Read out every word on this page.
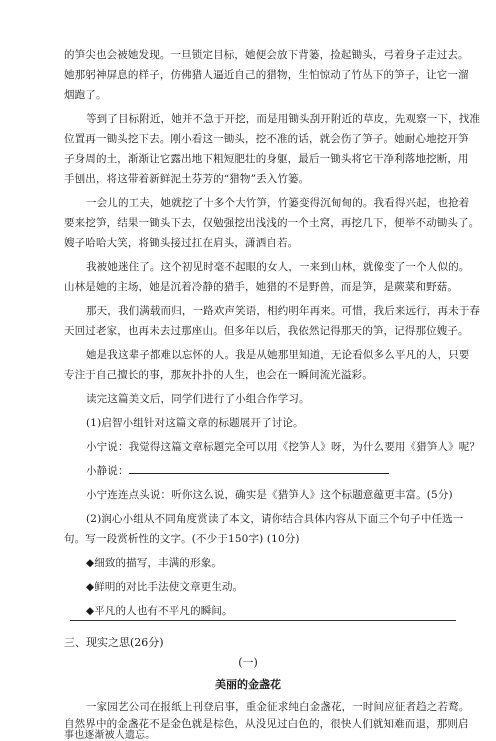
的笋尖也会被她发现。一旦锁定目标，她便会放下背篓，捡起锄头，弓着身子走过去。
她那躬神屏息的样子，仿佛猎人逼近自己的猎物，生怕惊动了竹丛下的笋子，让它一溜
烟跑了。
等到了目标附近，她并不急于开挖，而是用锄头刮开附近的草皮，先观察一下，找准
位置再一锄头挖下去。刚小看这一锄头，挖不准的话，就会伤了笋子。她耐心地挖开笋
子身周的土，渐渐让它露出地下粗短肥壮的身躯，最后一锄头将它干净利落地挖断，用
手刨出，将这带着新鲜泥土芬芳的“猎物”丢入竹篓。
一会儿的工夫，她就挖了十多个大竹笋，竹篓变得沉甸甸的。我看得兴起，也抢着
要来挖笋，结果一锄头下去，仅勉强挖出浅浅的一个土窝，再挖几下，便举不动锄头了。
嫂子哈哈大笑，将锄头接过扛在肩头，潇洒自若。
我被她迷住了。这个初见时毫不起眼的女人，一来到山林，就像变了一个人似的。
山林是她的主场，她是沉着冷静的猎手，她猎的不是野兽，而是笋，是蕨菜和野菇。
那天，我们满载而归，一路欢声笑语，相约明年再来。可惜，我后来远行，再未于春
天回过老家，也再未去过那座山。但多年以后，我依然记得那天的笋，记得那位嫂子。
她是我这辈子都难以忘怀的人。我是从她那里知道，无论看似多么平凡的人，只要
专注于自己擅长的事，那灰扑扑的人生，也会在一瞬间流光溢彩。
读完这篇美文后，同学们进行了小组合作学习。
(1)启智小组针对这篇文章的标题展开了讨论。
小宁说：我觉得这篇文章标题完全可以用《挖笋人》呀，为什么要用《猎笋人》呢？
小静说：
小宁连连点头说：听你这么说，确实是《猎笋人》这个标题意蕴更丰富。(5分)
(2)润心小组从不同角度赏读了本文，请你结合具体内容从下面三个句子中任选一
句。写一段赏析性的文字。(不少于150字) (10分)
◆细致的描写，丰满的形象。
◆鲜明的对比手法使文章更生动。
◆平凡的人也有不平凡的瞬间。
三、现实之思(26分)
(一)
美丽的金盏花
一家园艺公司在报纸上刊登启事，重金征求纯白金盏花，一时间应征者趋之若鹜。
自然界中的金盏花不是金色就是棕色，从没见过白色的，很快人们就知难而退，那则启
事也逐渐被人遗忘。
